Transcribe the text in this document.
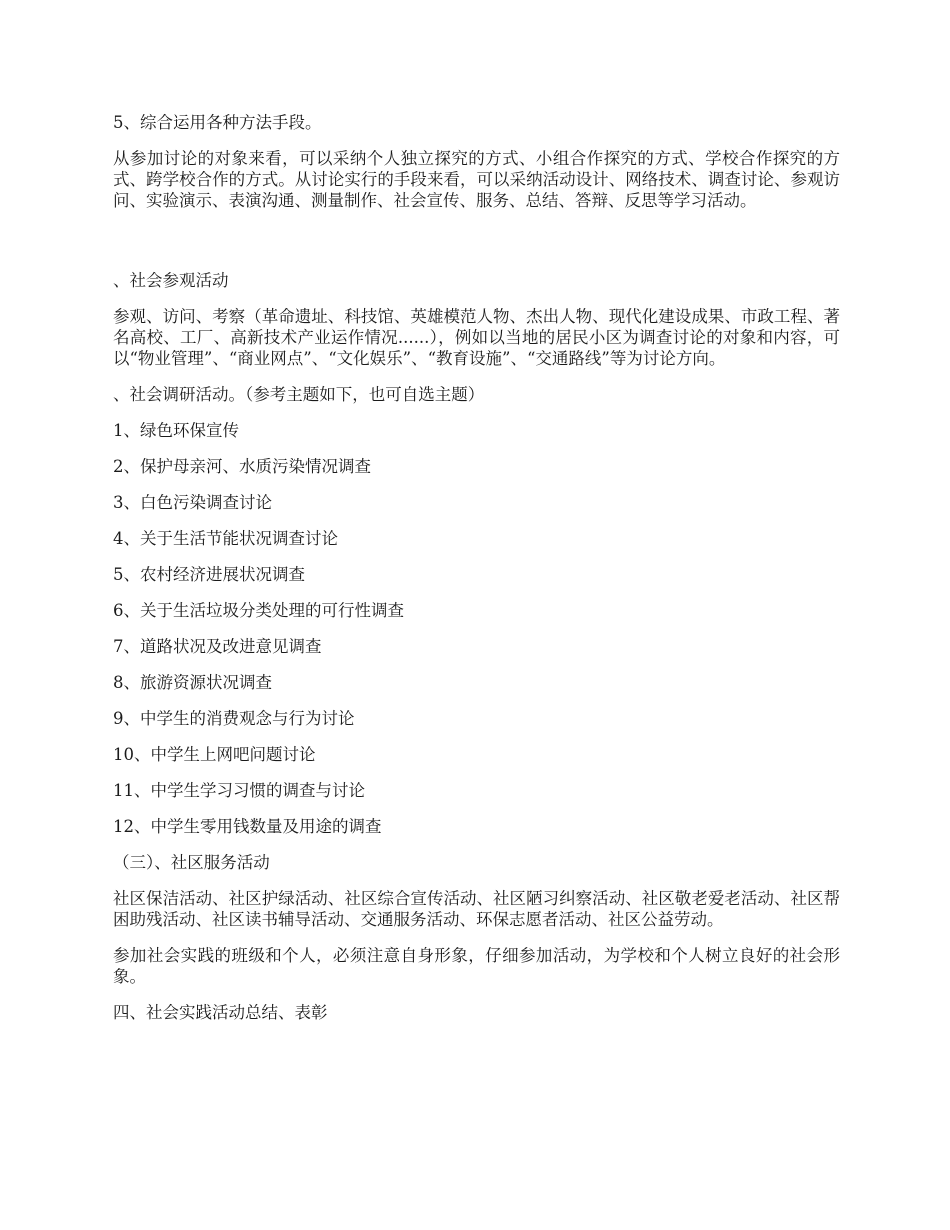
5、综合运用各种方法手段。

从参加讨论的对象来看，可以采纳个人独立探究的方式、小组合作探究的方式、学校合作探究的方式、跨学校合作的方式。从讨论实行的手段来看，可以采纳活动设计、网络技术、调查讨论、参观访问、实验演示、表演沟通、测量制作、社会宣传、服务、总结、答辩、反思等学习活动。

、社会参观活动

参观、访问、考察（革命遗址、科技馆、英雄模范人物、杰出人物、现代化建设成果、市政工程、著名高校、工厂、高新技术产业运作情况......），例如以当地的居民小区为调查讨论的对象和内容，可以“物业管理”、“商业网点”、“文化娱乐”、“教育设施”、“交通路线”等为讨论方向。

、社会调研活动。（参考主题如下，也可自选主题）

1、绿色环保宣传

2、保护母亲河、水质污染情况调查

3、白色污染调查讨论

4、关于生活节能状况调查讨论

5、农村经济进展状况调查

6、关于生活垃圾分类处理的可行性调查

7、道路状况及改进意见调查

8、旅游资源状况调查

9、中学生的消费观念与行为讨论

10、中学生上网吧问题讨论

11、中学生学习习惯的调查与讨论

12、中学生零用钱数量及用途的调查

（三）、社区服务活动

社区保洁活动、社区护绿活动、社区综合宣传活动、社区陋习纠察活动、社区敬老爱老活动、社区帮困助残活动、社区读书辅导活动、交通服务活动、环保志愿者活动、社区公益劳动。

参加社会实践的班级和个人，必须注意自身形象，仔细参加活动，为学校和个人树立良好的社会形象。

四、社会实践活动总结、表彰
